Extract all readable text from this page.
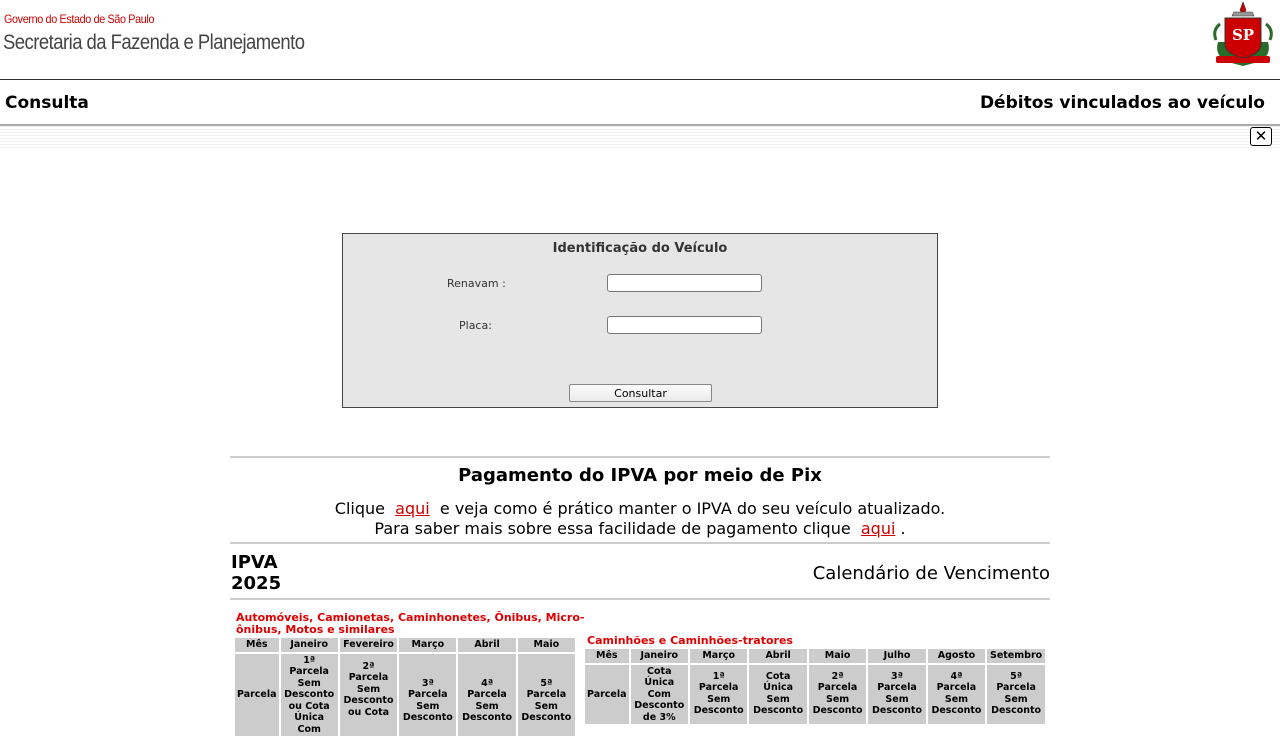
Governo do Estado de São Paulo
Secretaria da Fazenda e Planejamento	SP
Consulta	Débitos vinculados ao veículo
✕
Identificação do Veículo
Renavam :
Placa:
Consultar
Pagamento do IPVA por meio de Pix
Clique aqui e veja como é prático manter o IPVA do seu veículo atualizado.
Para saber mais sobre essa facilidade de pagamento clique aqui .
IPVA
2025	Calendário de Vencimento
Automóveis, Camionetas, Caminhonetes, Ônibus, Micro-
ônibus, Motos e similares
Mês	Janeiro	Fevereiro	Março	Abril	Maio
Parcela	1ª Parcela Sem Desconto ou Cota Única Com	2ª Parcela Sem Desconto ou Cota	3ª Parcela Sem Desconto	4ª Parcela Sem Desconto	5ª Parcela Sem Desconto
Caminhões e Caminhões-tratores
Mês	Janeiro	Março	Abril	Maio	Julho	Agosto	Setembro
Parcela	Cota Única Com Desconto de 3%	1ª Parcela Sem Desconto	Cota Única Sem Desconto	2ª Parcela Sem Desconto	3ª Parcela Sem Desconto	4ª Parcela Sem Desconto	5ª Parcela Sem Desconto
